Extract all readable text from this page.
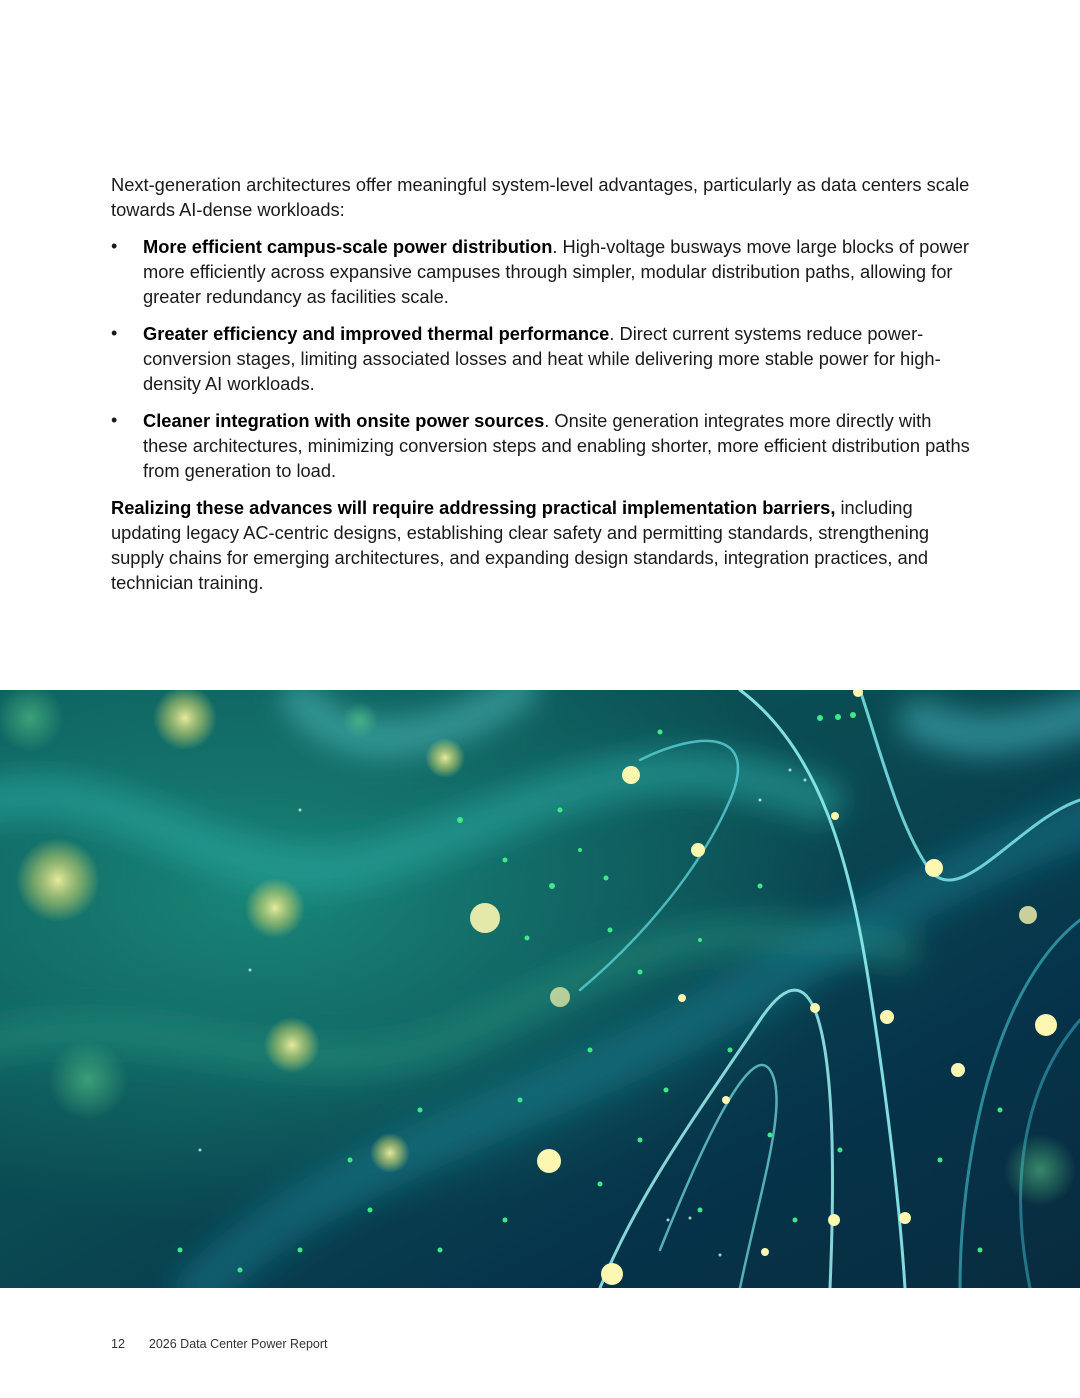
Next-generation architectures offer meaningful system-level advantages, particularly as data centers scale towards AI-dense workloads:

• More efficient campus-scale power distribution. High-voltage busways move large blocks of power more efficiently across expansive campuses through simpler, modular distribution paths, allowing for greater redundancy as facilities scale.
• Greater efficiency and improved thermal performance. Direct current systems reduce power-conversion stages, limiting associated losses and heat while delivering more stable power for high-density AI workloads.
• Cleaner integration with onsite power sources. Onsite generation integrates more directly with these architectures, minimizing conversion steps and enabling shorter, more efficient distribution paths from generation to load.

Realizing these advances will require addressing practical implementation barriers, including updating legacy AC-centric designs, establishing clear safety and permitting standards, strengthening supply chains for emerging architectures, and expanding design standards, integration practices, and technician training.

12 2026 Data Center Power Report
